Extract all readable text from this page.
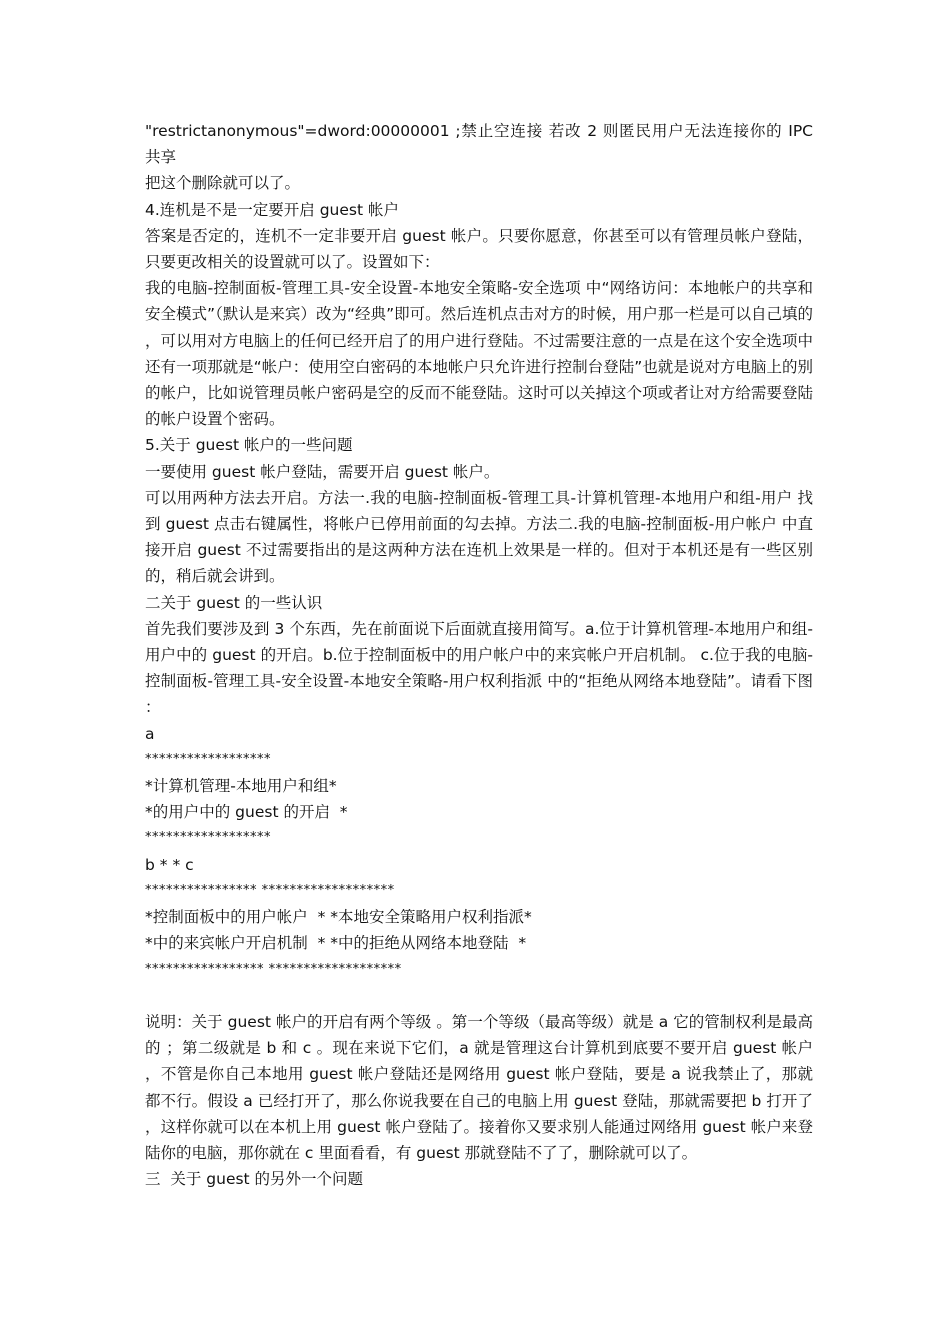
"restrictanonymous"=dword:00000001 ;禁止空连接 若改 2 则匿民用户无法连接你的 IPC 共享
把这个删除就可以了。
4.连机是不是一定要开启 guest 帐户
答案是否定的，连机不一定非要开启 guest 帐户。只要你愿意，你甚至可以有管理员帐户登陆，只要更改相关的设置就可以了。设置如下：
我的电脑-控制面板-管理工具-安全设置-本地安全策略-安全选项 中“网络访问：本地帐户的共享和安全模式”（默认是来宾）改为“经典”即可。然后连机点击对方的时候，用户那一栏是可以自己填的，可以用对方电脑上的任何已经开启了的用户进行登陆。不过需要注意的一点是在这个安全选项中还有一项那就是“帐户：使用空白密码的本地帐户只允许进行控制台登陆”也就是说对方电脑上的别的帐户，比如说管理员帐户密码是空的反而不能登陆。这时可以关掉这个项或者让对方给需要登陆的帐户设置个密码。
5.关于 guest 帐户的一些问题
一要使用 guest 帐户登陆，需要开启 guest 帐户。
可以用两种方法去开启。方法一.我的电脑-控制面板-管理工具-计算机管理-本地用户和组-用户 找到 guest 点击右键属性，将帐户已停用前面的勾去掉。方法二.我的电脑-控制面板-用户帐户 中直接开启 guest 不过需要指出的是这两种方法在连机上效果是一样的。但对于本机还是有一些区别的，稍后就会讲到。
二关于 guest 的一些认识
首先我们要涉及到 3 个东西，先在前面说下后面就直接用简写。a.位于计算机管理-本地用户和组-用户中的 guest 的开启。b.位于控制面板中的用户帐户中的来宾帐户开启机制。 c.位于我的电脑-控制面板-管理工具-安全设置-本地安全策略-用户权利指派 中的“拒绝从网络本地登陆”。请看下图：
a
******************
*计算机管理-本地用户和组*
*的用户中的 guest 的开启  *
******************
b * * c
**************** *******************
*控制面板中的用户帐户  * *本地安全策略用户权利指派*
*中的来宾帐户开启机制  * *中的拒绝从网络本地登陆  *
***************** *******************
说明：关于 guest 帐户的开启有两个等级 。第一个等级（最高等级）就是 a 它的管制权利是最高的 ；第二级就是 b 和 c 。现在来说下它们，a 就是管理这台计算机到底要不要开启 guest 帐户，不管是你自己本地用 guest 帐户登陆还是网络用 guest 帐户登陆，要是 a 说我禁止了，那就都不行。假设 a 已经打开了，那么你说我要在自己的电脑上用 guest 登陆，那就需要把 b 打开了，这样你就可以在本机上用 guest 帐户登陆了。接着你又要求别人能通过网络用 guest 帐户来登陆你的电脑，那你就在 c 里面看看，有 guest 那就登陆不了了，删除就可以了。
三  关于 guest 的另外一个问题
